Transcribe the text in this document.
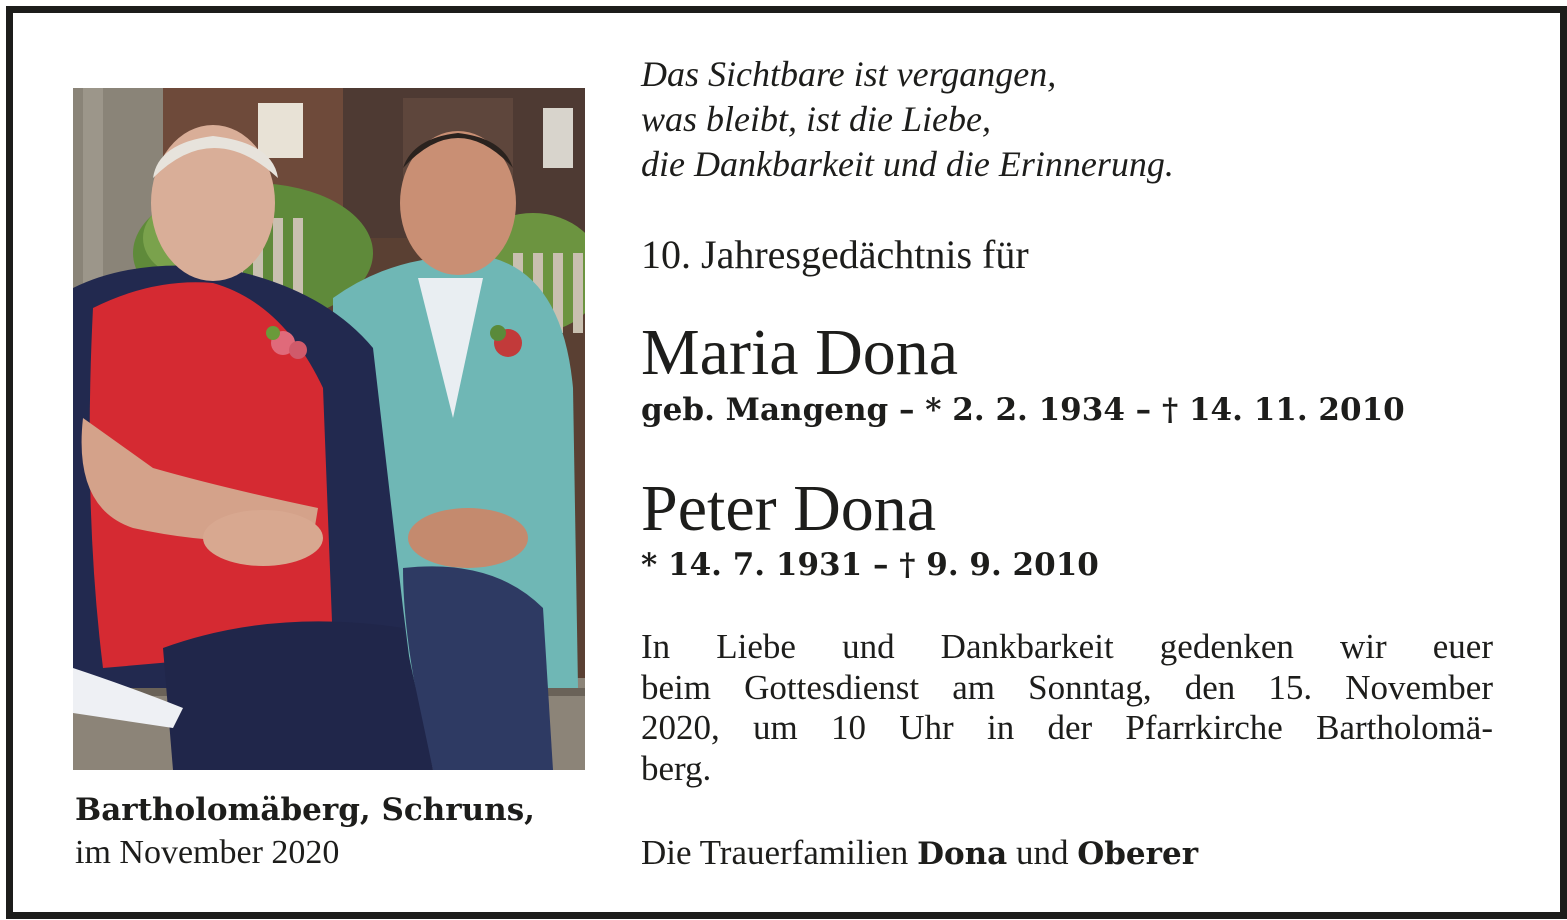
Bartholomäberg, Schruns,
im November 2020
Das Sichtbare ist vergangen,
was bleibt, ist die Liebe,
die Dankbarkeit und die Erinnerung.
10. Jahresgedächtnis für
Maria Dona
geb. Mangeng – * 2. 2. 1934 – † 14. 11. 2010
Peter Dona
* 14. 7. 1931 – † 9. 9. 2010
In Liebe und Dankbarkeit gedenken wir euer
beim Gottesdienst am Sonntag, den 15. November
2020, um 10 Uhr in der Pfarrkirche Bartholomä-
berg.
Die Trauerfamilien Dona und Oberer
